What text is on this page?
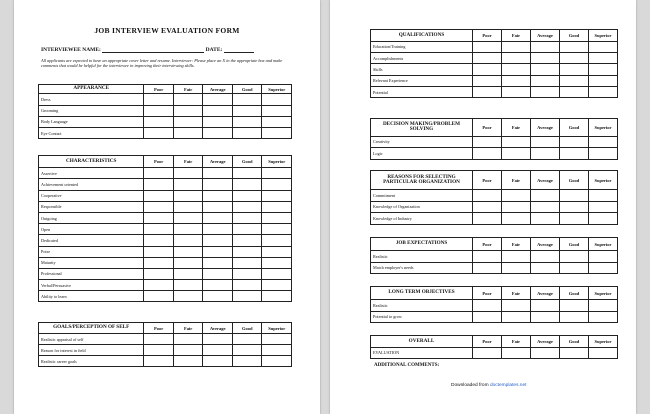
JOB INTERVIEW EVALUATION FORM
INTERVIEWEE NAME:	DATE:
All applicants are expected to have an appropriate cover letter and resume. Interviewer: Please place an X in the appropriate box and make comments that would be helpful for the interviewee in improving their interviewing skills.
APPEARANCE	Poor	Fair	Average	Good	Superior
Dress					
Grooming					
Body Language					
Eye Contact					
CHARACTERISTICS	Poor	Fair	Average	Good	Superior
Assertive					
Achievement oriented					
Cooperative					
Responsible					
Outgoing					
Open					
Dedicated					
Poise					
Maturity					
Professional					
Verbal/Persuasive					
Ability to learn					
GOALS/PERCEPTION OF SELF	Poor	Fair	Average	Good	Superior
Realistic appraisal of self					
Reason for interest in field					
Realistic career goals					
QUALIFICATIONS	Poor	Fair	Average	Good	Superior
Education/Training					
Accomplishments					
Skills					
Relevant Experience					
Potential					
DECISION MAKING/PROBLEM SOLVING	Poor	Fair	Average	Good	Superior
Creativity					
Logic					
REASONS FOR SELECTING PARTICULAR ORGANIZATION	Poor	Fair	Average	Good	Superior
Commitment					
Knowledge of Organization					
Knowledge of Industry					
JOB EXPECTATIONS	Poor	Fair	Average	Good	Superior
Realistic					
Match employer's needs					
LONG TERM OBJECTIVES	Poor	Fair	Average	Good	Superior
Realistic					
Potential to grow					
OVERALL	Poor	Fair	Average	Good	Superior
EVALUATION					
ADDITIONAL COMMENTS:
Downloaded from doctemplates.net
